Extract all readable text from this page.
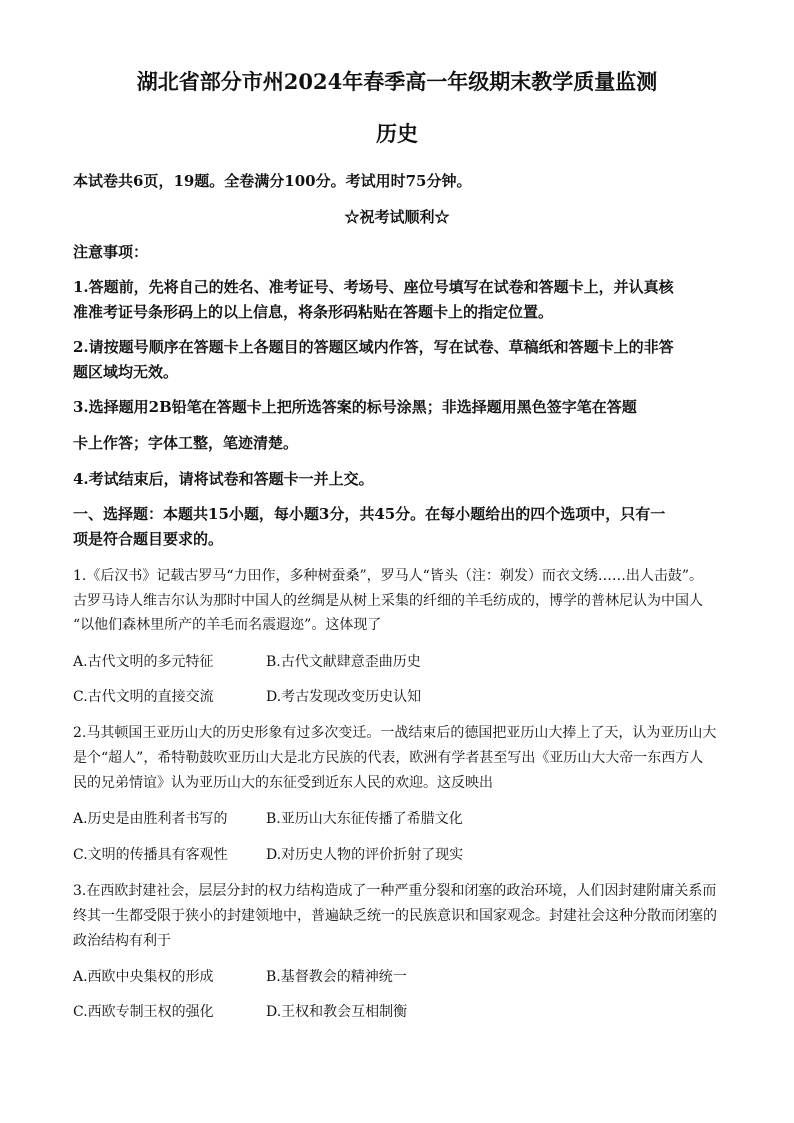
湖北省部分市州2024年春季高一年级期末教学质量监测
历史
本试卷共6页，19题。全卷满分100分。考试用时75分钟。
☆祝考试顺利☆
注意事项：
1.答题前，先将自己的姓名、准考证号、考场号、座位号填写在试卷和答题卡上，并认真核
准准考证号条形码上的以上信息，将条形码粘贴在答题卡上的指定位置。
2.请按题号顺序在答题卡上各题目的答题区域内作答，写在试卷、草稿纸和答题卡上的非答
题区域均无效。
3.选择题用2B铅笔在答题卡上把所选答案的标号涂黑；非选择题用黑色签字笔在答题
卡上作答；字体工整，笔迹清楚。
4.考试结束后，请将试卷和答题卡一并上交。
一、选择题：本题共15小题，每小题3分，共45分。在每小题给出的四个选项中，只有一
项是符合题目要求的。
1.《后汉书》记载古罗马“力田作，多种树蚕桑”，罗马人“皆头（注：剃发）而衣文绣……出人击鼓”。
古罗马诗人维吉尔认为那时中国人的丝绸是从树上采集的纤细的羊毛纺成的，博学的普林尼认为中国人
“以他们森林里所产的羊毛而名震遐迩”。这体现了
A.古代文明的多元特征	B.古代文献肆意歪曲历史
C.古代文明的直接交流	D.考古发现改变历史认知
2.马其顿国王亚历山大的历史形象有过多次变迁。一战结束后的德国把亚历山大捧上了天，认为亚历山大
是个“超人”，希特勒鼓吹亚历山大是北方民族的代表，欧洲有学者甚至写出《亚历山大大帝一东西方人
民的兄弟情谊》认为亚历山大的东征受到近东人民的欢迎。这反映出
A.历史是由胜利者书写的	B.亚历山大东征传播了希腊文化
C.文明的传播具有客观性	D.对历史人物的评价折射了现实
3.在西欧封建社会，层层分封的权力结构造成了一种严重分裂和闭塞的政治环境，人们因封建附庸关系而
终其一生都受限于狭小的封建领地中，普遍缺乏统一的民族意识和国家观念。封建社会这种分散而闭塞的
政治结构有利于
A.西欧中央集权的形成	B.基督教会的精神统一
C.西欧专制王权的强化	D.王权和教会互相制衡
